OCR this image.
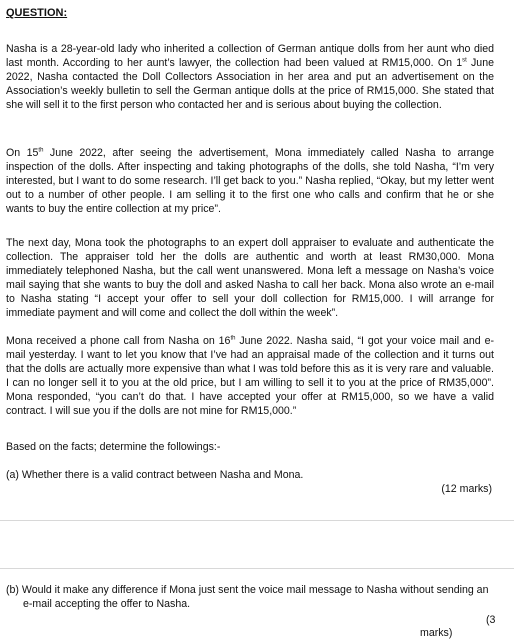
QUESTION:

Nasha is a 28-year-old lady who inherited a collection of German antique dolls from her aunt who died last month. According to her aunt’s lawyer, the collection had been valued at RM15,000. On 1st June 2022, Nasha contacted the Doll Collectors Association in her area and put an advertisement on the Association’s weekly bulletin to sell the German antique dolls at the price of RM15,000. She stated that she will sell it to the first person who contacted her and is serious about buying the collection.

On 15th June 2022, after seeing the advertisement, Mona immediately called Nasha to arrange inspection of the dolls. After inspecting and taking photographs of the dolls, she told Nasha, “I’m very interested, but I want to do some research. I’ll get back to you.” Nasha replied, “Okay, but my letter went out to a number of other people. I am selling it to the first one who calls and confirm that he or she wants to buy the entire collection at my price”.

The next day, Mona took the photographs to an expert doll appraiser to evaluate and authenticate the collection. The appraiser told her the dolls are authentic and worth at least RM30,000. Mona immediately telephoned Nasha, but the call went unanswered. Mona left a message on Nasha’s voice mail saying that she wants to buy the doll and asked Nasha to call her back. Mona also wrote an e-mail to Nasha stating “I accept your offer to sell your doll collection for RM15,000. I will arrange for immediate payment and will come and collect the doll within the week”.

Mona received a phone call from Nasha on 16th June 2022. Nasha said, “I got your voice mail and e-mail yesterday. I want to let you know that I’ve had an appraisal made of the collection and it turns out that the dolls are actually more expensive than what I was told before this as it is very rare and valuable. I can no longer sell it to you at the old price, but I am willing to sell it to you at the price of RM35,000”. Mona responded, “you can’t do that. I have accepted your offer at RM15,000, so we have a valid contract. I will sue you if the dolls are not mine for RM15,000.”

Based on the facts; determine the followings:-

(a) Whether there is a valid contract between Nasha and Mona.
(12 marks)
(b) Would it make any difference if Mona just sent the voice mail message to Nasha without sending an e-mail accepting the offer to Nasha.
(3
marks)
